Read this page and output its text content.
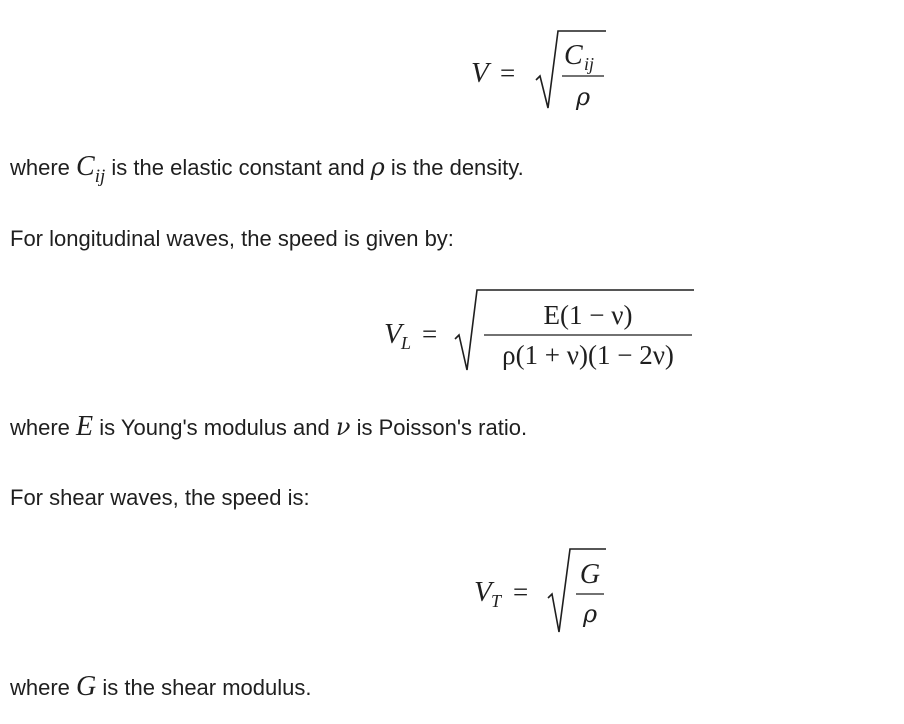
V =
C ij
ρ
V L =
E(1 − ν)
ρ(1 + ν)(1 − 2ν)
V T =
G
ρ
where Cij is the elastic constant and ρ is the density.
For longitudinal waves, the speed is given by:
where E is Young's modulus and ν is Poisson's ratio.
For shear waves, the speed is:
where G is the shear modulus.
